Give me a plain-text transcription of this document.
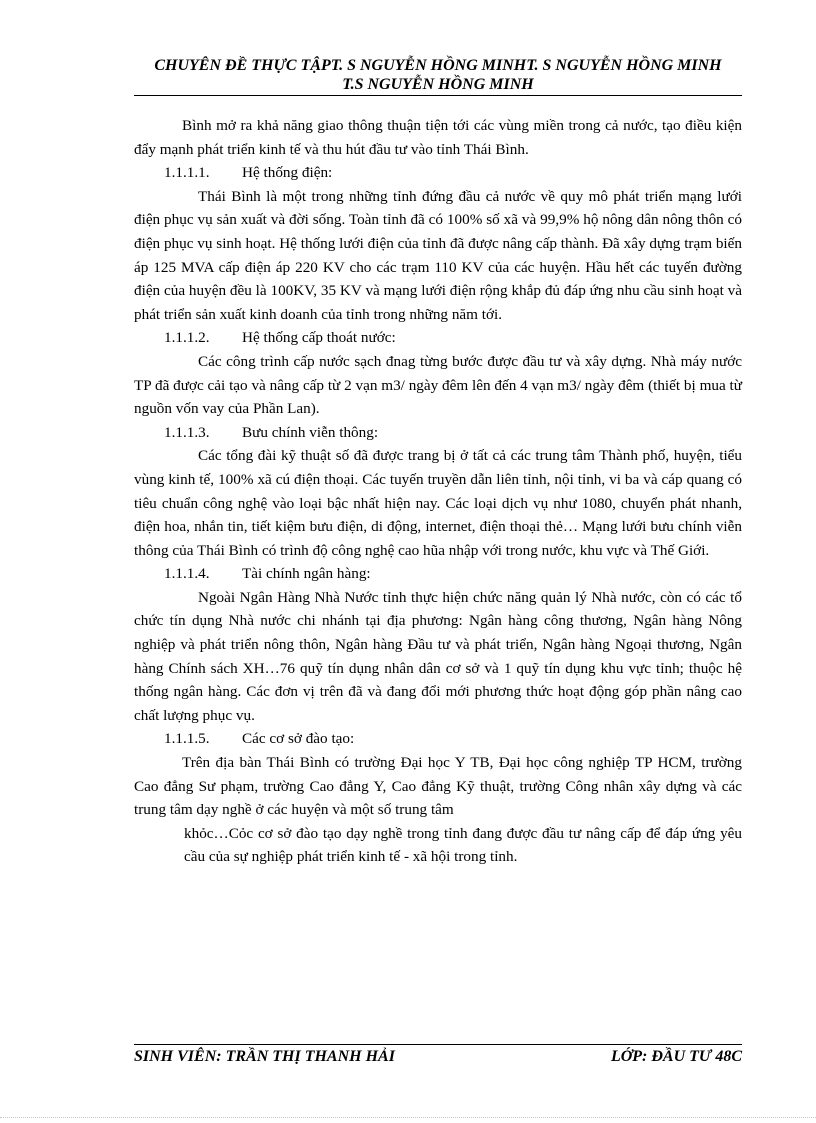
CHUYÊN ĐỀ THỰC TẬPT. S NGUYỄN HỒNG MINHT. S NGUYỄN HỒNG MINH
T.S NGUYỄN HỒNG MINH

Bình mở ra khả năng giao thông thuận tiện tới các vùng miền trong cả nước, tạo điều kiện đẩy mạnh phát triển kinh tế và thu hút đầu tư vào tỉnh Thái Bình.

1.1.1.1. Hệ thống điện:

Thái Bình là một trong những tỉnh đứng đầu cả nước về quy mô phát triển mạng lưới điện phục vụ sản xuất và đời sống. Toàn tỉnh đã có 100% số xã và 99,9% hộ nông dân nông thôn có điện phục vụ sinh hoạt. Hệ thống lưới điện của tỉnh đã được nâng cấp thành. Đã xây dựng trạm biến áp 125 MVA cấp điện áp 220 KV cho các trạm 110 KV của các huyện. Hầu hết các tuyến đường điện của huyện đều là 100KV, 35 KV và mạng lưới điện rộng khắp đủ đáp ứng nhu cầu sinh hoạt và phát triển sản xuất kinh doanh của tỉnh trong những năm tới.

1.1.1.2. Hệ thống cấp thoát nước:

Các công trình cấp nước sạch đnag từng bước được đầu tư và xây dựng. Nhà máy nước TP đã được cải tạo và nâng cấp từ 2 vạn m3/ ngày đêm lên đến 4 vạn m3/ ngày đêm (thiết bị mua từ nguồn vốn vay của Phần Lan).

1.1.1.3. Bưu chính viễn thông:

Các tổng đài kỹ thuật số đã được trang bị ở tất cả các trung tâm Thành phố, huyện, tiểu vùng kinh tế, 100% xã cú điện thoại. Các tuyến truyền dẫn liên tỉnh, nội tỉnh, vi ba và cáp quang có tiêu chuẩn công nghệ vào loại bậc nhất hiện nay. Các loại dịch vụ như 1080, chuyển phát nhanh, điện hoa, nhắn tin, tiết kiệm bưu điện, di động, internet, điện thoại thẻ… Mạng lưới bưu chính viễn thông của Thái Bình có trình độ công nghệ cao hũa nhập với trong nước, khu vực và Thế Giới.

1.1.1.4. Tài chính ngân hàng:

Ngoài Ngân Hàng Nhà Nước tỉnh thực hiện chức năng quản lý Nhà nước, còn có các tổ chức tín dụng Nhà nước chi nhánh tại địa phương: Ngân hàng công thương, Ngân hàng Nông nghiệp và phát triển nông thôn, Ngân hàng Đầu tư và phát triển, Ngân hàng Ngoại thương, Ngân hàng Chính sách XH…76 quỹ tín dụng nhân dân cơ sở và 1 quỹ tín dụng khu vực tỉnh; thuộc hệ thống ngân hàng. Các đơn vị trên đã và đang đổi mới phương thức hoạt động góp phần nâng cao chất lượng phục vụ.

1.1.1.5. Các cơ sở đào tạo:

Trên địa bàn Thái Bình có trường Đại học Y TB, Đại học công nghiệp TP HCM, trường Cao đẳng Sư phạm, trường Cao đẳng Y, Cao đẳng Kỹ thuật, trường Công nhân xây dựng và các trung tâm dạy nghề ở các huyện và một số trung tâm

khỏc…Cỏc cơ sở đào tạo dạy nghề trong tỉnh đang được đầu tư nâng cấp để đáp ứng yêu cầu của sự nghiệp phát triển kinh tế - xã hội trong tỉnh.

SINH VIÊN: TRẦN THỊ THANH HẢI	LỚP: ĐẦU TƯ 48C
